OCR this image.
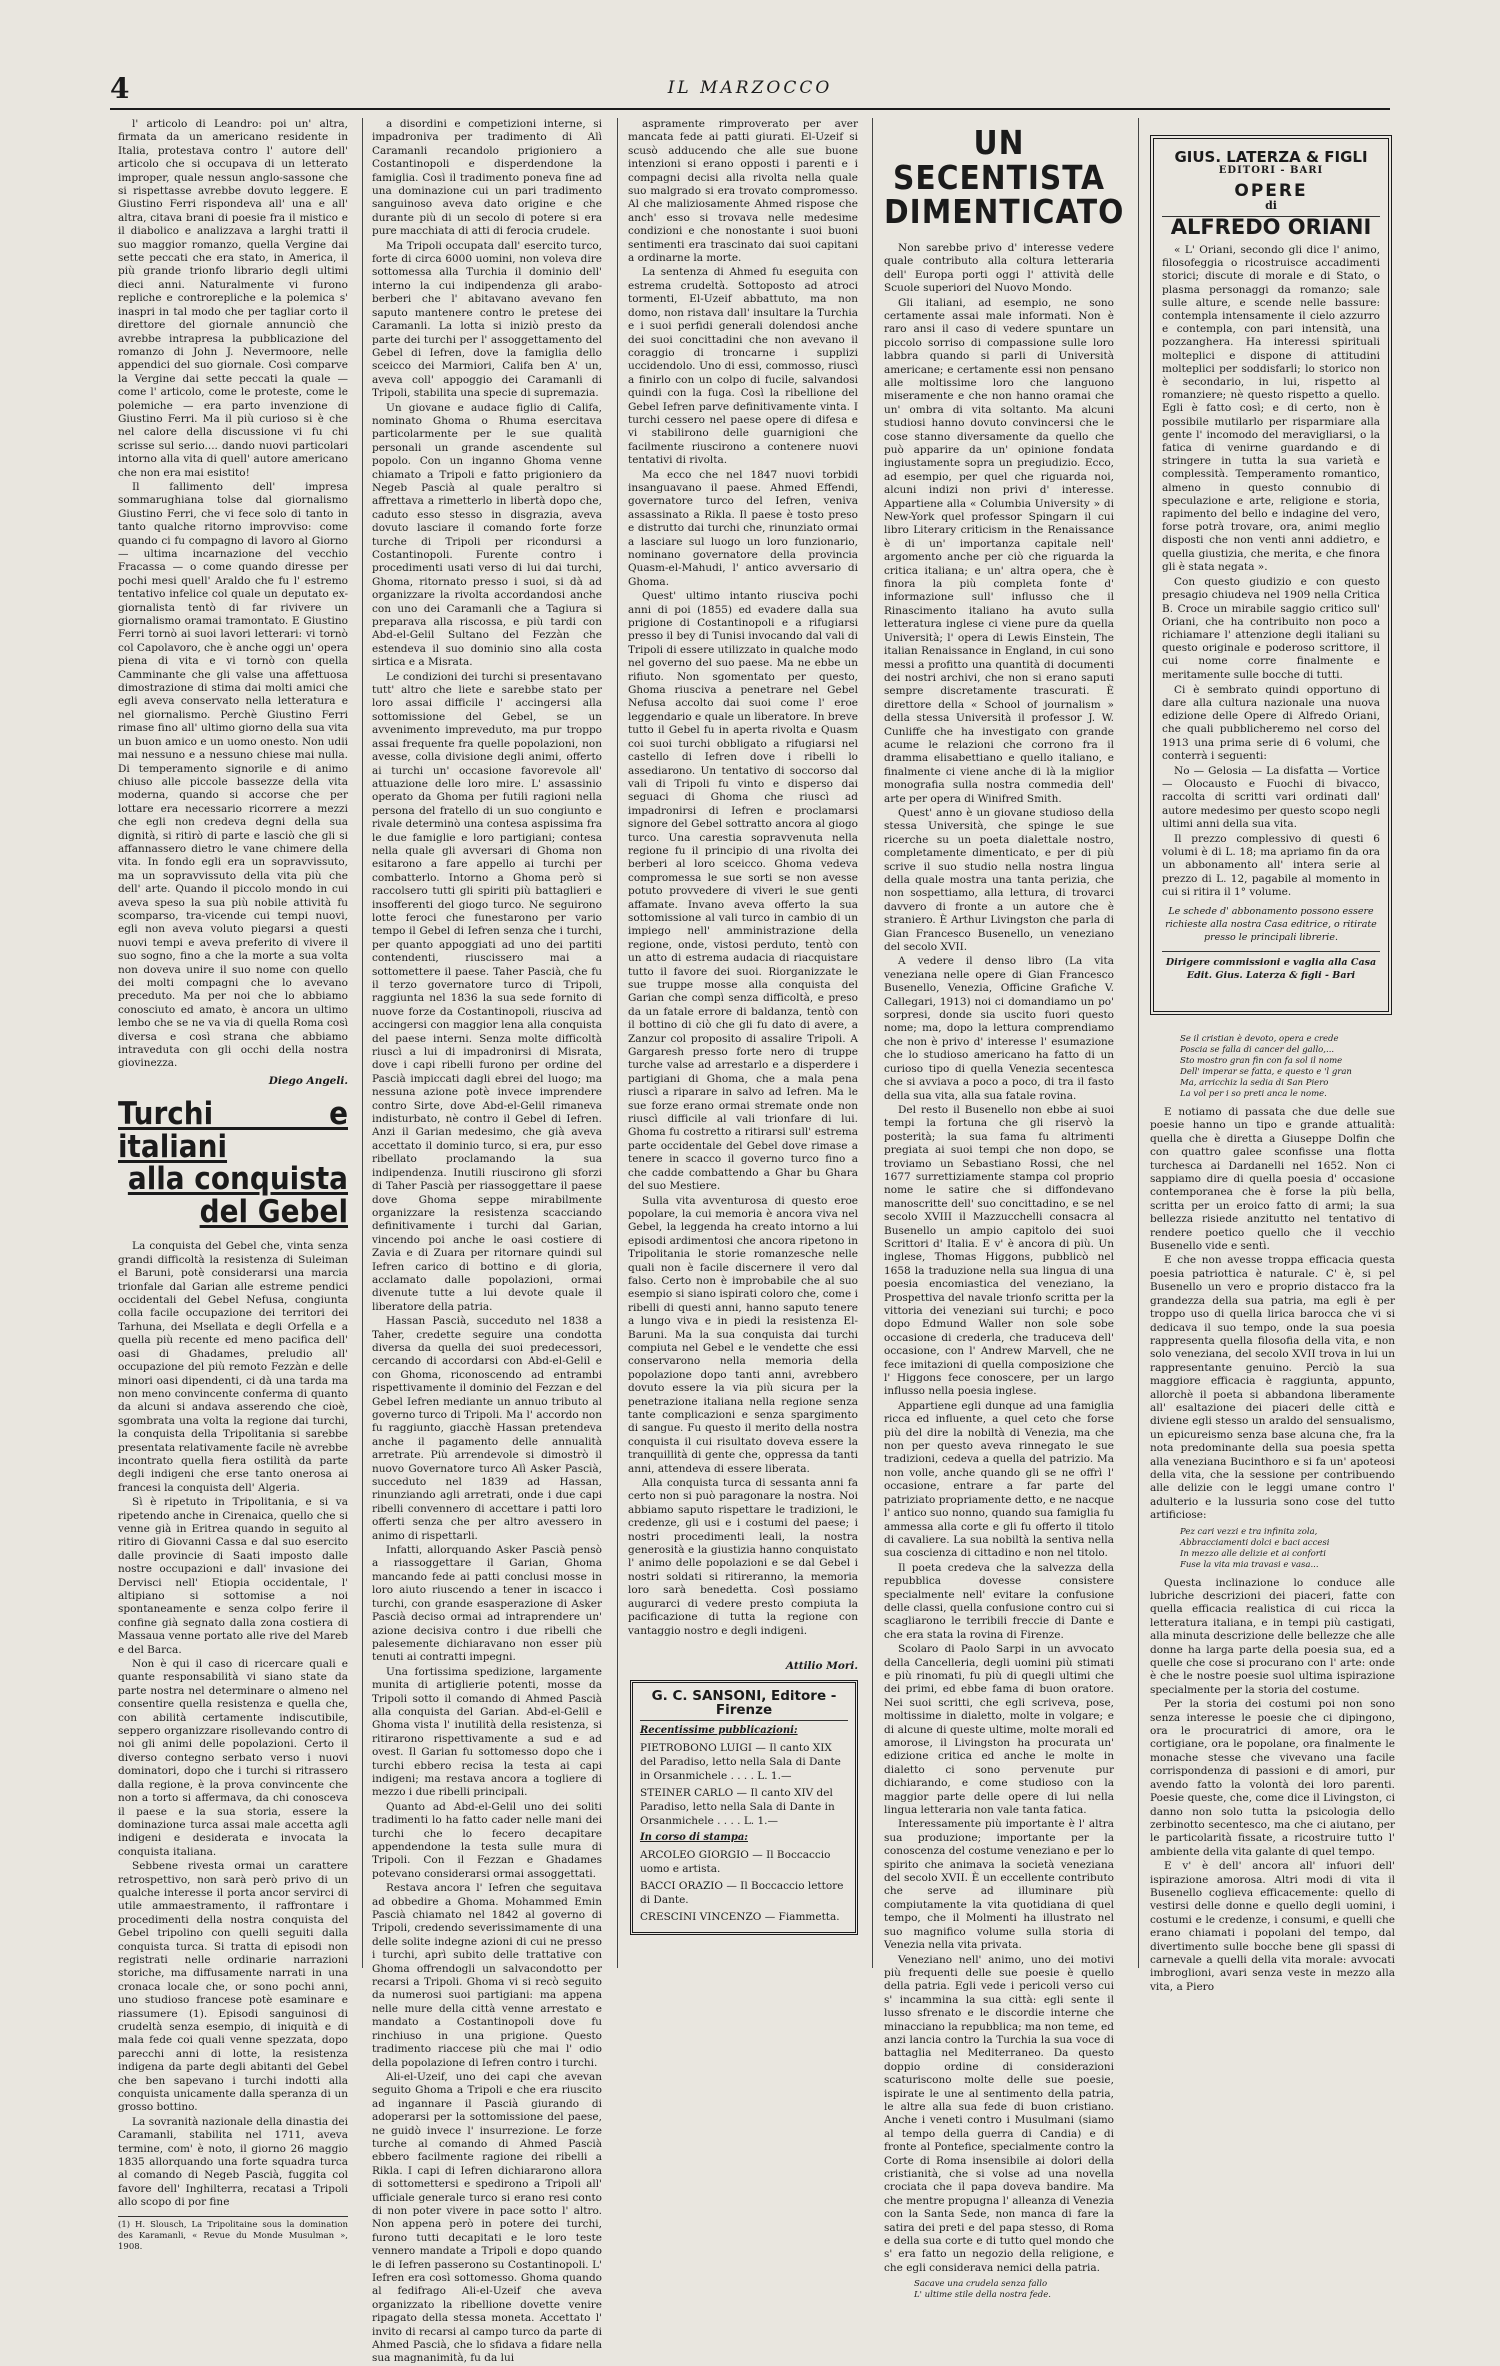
4	IL MARZOCCO

l' articolo di Leandro: poi un' altra, firmata da un americano residente in Italia, protestava contro l' autore dell' articolo che si occupava di un letterato improper, quale nessun anglo-sassone che si rispettasse avrebbe dovuto leggere. E Giustino Ferri rispondeva all' una e all' altra, citava brani di poesie fra il mistico e il diabolico e analizzava a larghi tratti il suo maggior romanzo, quella Vergine dai sette peccati che era stato, in America, il più grande trionfo librario degli ultimi dieci anni. Naturalmente vi furono repliche e controrepliche e la polemica s' inaspri in tal modo che per tagliar corto il direttore del giornale annunciò che avrebbe intrapresa la pubblicazione del romanzo di John J. Nevermoore, nelle appendici del suo giornale. Così comparve la Vergine dai sette peccati la quale — come l' articolo, come le proteste, come le polemiche — era parto invenzione di Giustino Ferri. Ma il più curioso si è che nel calore della discussione vi fu chi scrisse sul serio.... dando nuovi particolari intorno alla vita di quell' autore americano che non era mai esistito!

Il fallimento dell' impresa sommarughiana tolse dal giornalismo Giustino Ferri, che vi fece solo di tanto in tanto qualche ritorno improvviso: come quando ci fu compagno di lavoro al Giorno — ultima incarnazione del vecchio Fracassa — o come quando diresse per pochi mesi quell' Araldo che fu l' estremo tentativo infelice col quale un deputato ex-giornalista tentò di far rivivere un giornalismo oramai tramontato. E Giustino Ferri tornò ai suoi lavori letterari: vi tornò col Capolavoro, che è anche oggi un' opera piena di vita e vi tornò con quella Camminante che gli valse una affettuosa dimostrazione di stima dai molti amici che egli aveva conservato nella letteratura e nel giornalismo. Perchè Giustino Ferri rimase fino all' ultimo giorno della sua vita un buon amico e un uomo onesto. Non udii mai nessuno e a nessuno chiese mai nulla. Di temperamento signorile e di animo chiuso alle piccole bassezze della vita moderna, quando si accorse che per lottare era necessario ricorrere a mezzi che egli non credeva degni della sua dignità, si ritirò di parte e lasciò che gli si affannassero dietro le vane chimere della vita. In fondo egli era un sopravvissuto, ma un sopravvissuto della vita più che dell' arte. Quando il piccolo mondo in cui aveva speso la sua più nobile attività fu scomparso, tra-vicende cui tempi nuovi, egli non aveva voluto piegarsi a questi nuovi tempi e aveva preferito di vivere il suo sogno, fino a che la morte a sua volta non doveva unire il suo nome con quello dei molti compagni che lo avevano preceduto. Ma per noi che lo abbiamo conosciuto ed amato, è ancora un ultimo lembo che se ne va via di quella Roma così diversa e così strana che abbiamo intraveduta con gli occhi della nostra giovinezza.

Diego Angeli.
Turchi e italiani
alla conquista del Gebel

La conquista del Gebel che, vinta senza grandi difficoltà la resistenza di Suleiman el Baruni, potè considerarsi una marcia trionfale dal Garian alle estreme pendici occidentali del Gebel Nefusa, congiunta colla facile occupazione dei territori dei Tarhuna, dei Msellata e degli Orfella e a quella più recente ed meno pacifica dell' oasi di Ghadames, preludio all' occupazione del più remoto Fezzàn e delle minori oasi dipendenti, ci dà una tarda ma non meno convincente conferma di quanto da alcuni si andava asserendo che cioè, sgombrata una volta la regione dai turchi, la conquista della Tripolitania si sarebbe presentata relativamente facile nè avrebbe incontrato quella fiera ostilità da parte degli indigeni che erse tanto onerosa ai francesi la conquista dell' Algeria.

Sì è ripetuto in Tripolitania, e si va ripetendo anche in Cirenaica, quello che si venne già in Eritrea quando in seguito al ritiro di Giovanni Cassa e dal suo esercito dalle provincie di Saati imposto dalle nostre occupazioni e dall' invasione dei Dervisci nell' Etiopia occidentale, l' altipiano si sottomise a noi spontaneamente e senza colpo ferire il confine già segnato dalla zona costiera di Massaua venne portato alle rive del Mareb e del Barca.

Non è qui il caso di ricercare quali e quante responsabilità vi siano state da parte nostra nel determinare o almeno nel consentire quella resistenza e quella che, con abilità certamente indiscutibile, seppero organizzare risollevando contro di noi gli animi delle popolazioni. Certo il diverso contegno serbato verso i nuovi dominatori, dopo che i turchi si ritrassero dalla regione, è la prova convincente che non a torto si affermava, da chi conosceva il paese e la sua storia, essere la dominazione turca assai male accetta agli indigeni e desiderata e invocata la conquista italiana.

Sebbene rivesta ormai un carattere retrospettivo, non sarà però privo di un qualche interesse il porta ancor servirci di utile ammaestramento, il raffrontare i procedimenti della nostra conquista del Gebel tripolino con quelli seguiti dalla conquista turca. Si tratta di episodi non registrati nelle ordinarie narrazioni storiche, ma diffusamente narrati in una cronaca locale che, or sono pochi anni, uno studioso francese potè esaminare e riassumere (1). Episodi sanguinosi di crudeltà senza esempio, di iniquità e di mala fede coi quali venne spezzata, dopo parecchi anni di lotte, la resistenza indigena da parte degli abitanti del Gebel che ben sapevano i turchi indotti alla conquista unicamente dalla speranza di un grosso bottino.

La sovranità nazionale della dinastia dei Caramanli, stabilita nel 1711, aveva termine, com' è noto, il giorno 26 maggio 1835 allorquando una forte squadra turca al comando di Negeb Pascià, fuggita col favore dell' Inghilterra, recatasi a Tripoli allo scopo di por fine

(1) H. Slousch, La Tripolitaine sous la domination des Karamanli, « Revue du Monde Musulman », 1908.

a disordini e competizioni interne, si impadroniva per tradimento di Alì Caramanli recandolo prigioniero a Costantinopoli e disperdendone la famiglia. Così il tradimento poneva fine ad una dominazione cui un pari tradimento sanguinoso aveva dato origine e che durante più di un secolo di potere si era pure macchiata di atti di ferocia crudele.

Ma Tripoli occupata dall' esercito turco, forte di circa 6000 uomini, non voleva dire sottomessa alla Turchia il dominio dell' interno la cui indipendenza gli arabo-berberi che l' abitavano avevano fen saputo mantenere contro le pretese dei Caramanli. La lotta si iniziò presto da parte dei turchi per l' assoggettamento del Gebel di Iefren, dove la famiglia dello sceicco dei Marmiori, Califa ben A' un, aveva coll' appoggio dei Caramanli di Tripoli, stabilita una specie di supremazia.

Un giovane e audace figlio di Califa, nominato Ghoma o Rhuma esercitava particolarmente per le sue qualità personali un grande ascendente sul popolo. Con un inganno Ghoma venne chiamato a Tripoli e fatto prigioniero da Negeb Pascià al quale peraltro si affrettava a rimetterlo in libertà dopo che, caduto esso stesso in disgrazia, aveva dovuto lasciare il comando forte forze turche di Tripoli per ricondursi a Costantinopoli. Furente contro i procedimenti usati verso di lui dai turchi, Ghoma, ritornato presso i suoi, si dà ad organizzare la rivolta accordandosi anche con uno dei Caramanli che a Tagiura si preparava alla riscossa, e più tardi con Abd-el-Gelil Sultano del Fezzàn che estendeva il suo dominio sino alla costa sirtica e a Misrata.

Le condizioni dei turchi si presentavano tutt' altro che liete e sarebbe stato per loro assai difficile l' accingersi alla sottomissione del Gebel, se un avvenimento impreveduto, ma pur troppo assai frequente fra quelle popolazioni, non avesse, colla divisione degli animi, offerto ai turchi un' occasione favorevole all' attuazione delle loro mire. L' assassinio operato da Ghoma per futili ragioni nella persona del fratello di un suo congiunto e rivale determinò una contesa aspissima fra le due famiglie e loro partigiani; contesa nella quale gli avversari di Ghoma non esitarono a fare appello ai turchi per combatterlo. Intorno a Ghoma però si raccolsero tutti gli spiriti più battaglieri e insofferenti del giogo turco. Ne seguirono lotte feroci che funestarono per vario tempo il Gebel di Iefren senza che i turchi, per quanto appoggiati ad uno dei partiti contendenti, riuscissero mai a sottomettere il paese. Taher Pascià, che fu il terzo governatore turco di Tripoli, raggiunta nel 1836 la sua sede fornito di nuove forze da Costantinopoli, riusciva ad accingersi con maggior lena alla conquista del paese interni. Senza molte difficoltà riuscì a lui di impadronirsi di Misrata, dove i capi ribelli furono per ordine del Pascià impiccati dagli ebrei del luogo; ma nessuna azione potè invece imprendere contro Sirte, dove Abd-el-Gelil rimaneva indisturbato, nè contro il Gebel di Iefren. Anzi il Garian medesimo, che già aveva accettato il dominio turco, si era, pur esso ribellato proclamando la sua indipendenza. Inutili riuscirono gli sforzi di Taher Pascià per riassoggettare il paese dove Ghoma seppe mirabilmente organizzare la resistenza scacciando definitivamente i turchi dal Garian, vincendo poi anche le oasi costiere di Zavia e di Zuara per ritornare quindi sul Iefren carico di bottino e di gloria, acclamato dalle popolazioni, ormai divenute tutte a lui devote quale il liberatore della patria.

Hassan Pascià, succeduto nel 1838 a Taher, credette seguire una condotta diversa da quella dei suoi predecessori, cercando di accordarsi con Abd-el-Gelil e con Ghoma, riconoscendo ad entrambi rispettivamente il dominio del Fezzan e del Gebel Iefren mediante un annuo tributo al governo turco di Tripoli. Ma l' accordo non fu raggiunto, giacchè Hassan pretendeva anche il pagamento delle annualità arretrate. Più arrendevole si dimostrò il nuovo Governatore turco Alì Asker Pascià, succeduto nel 1839 ad Hassan, rinunziando agli arretrati, onde i due capi ribelli convennero di accettare i patti loro offerti senza che per altro avessero in animo di rispettarli.

Infatti, allorquando Asker Pascià pensò a riassoggettare il Garian, Ghoma mancando fede ai patti conclusi mosse in loro aiuto riuscendo a tener in iscacco i turchi, con grande esasperazione di Asker Pascià deciso ormai ad intraprendere un' azione decisiva contro i due ribelli che palesemente dichiaravano non esser più tenuti ai contratti impegni.

Una fortissima spedizione, largamente munita di artiglierie potenti, mosse da Tripoli sotto il comando di Ahmed Pascià alla conquista del Garian. Abd-el-Gelil e Ghoma vista l' inutilità della resistenza, si ritirarono rispettivamente a sud e ad ovest. Il Garian fu sottomesso dopo che i turchi ebbero recisa la testa ai capi indigeni; ma restava ancora a togliere di mezzo i due ribelli principali.

Quanto ad Abd-el-Gelil uno dei soliti tradimenti lo ha fatto cader nelle mani dei turchi che lo fecero decapitare appendendone la testa sulle mura di Tripoli. Con il Fezzan e Ghadames potevano considerarsi ormai assoggettati.

Restava ancora l' Iefren che seguitava ad obbedire a Ghoma. Mohammed Emin Pascià chiamato nel 1842 al governo di Tripoli, credendo severissimamente di una delle solite indegne azioni di cui ne presso i turchi, aprì subito delle trattative con Ghoma offrendogli un salvacondotto per recarsi a Tripoli. Ghoma vi si recò seguito da numerosi suoi partigiani: ma appena nelle mure della città venne arrestato e mandato a Costantinopoli dove fu rinchiuso in una prigione. Questo tradimento riaccese più che mai l' odio della popolazione di Iefren contro i turchi.

Ali-el-Uzeif, uno dei capi che avevan seguito Ghoma a Tripoli e che era riuscito ad ingannare il Pascià giurando di adoperarsi per la sottomissione del paese, ne guidò invece l' insurrezione. Le forze turche al comando di Ahmed Pascià ebbero facilmente ragione dei ribelli a Rikla. I capi di Iefren dichiararono allora di sottomettersi e spedirono a Tripoli all' ufficiale generale turco si erano resi conto di non poter vivere in pace sotto l' altro. Non appena però in potere dei turchi, furono tutti decapitati e le loro teste vennero mandate a Tripoli e dopo quando le di Iefren passerono su Costantinopoli. L' Iefren era così sottomesso. Ghoma quando al fedifrago Ali-el-Uzeif che aveva organizzato la ribellione dovette venire ripagato della stessa moneta. Accettato l' invito di recarsi al campo turco da parte di Ahmed Pascià, che lo sfidava a fidare nella sua magnanimità, fu da lui

aspramente rimproverato per aver mancata fede ai patti giurati. El-Uzeif si scusò adducendo che alle sue buone intenzioni si erano opposti i parenti e i compagni decisi alla rivolta nella quale suo malgrado si era trovato compromesso. Al che maliziosamente Ahmed rispose che anch' esso si trovava nelle medesime condizioni e che nonostante i suoi buoni sentimenti era trascinato dai suoi capitani a ordinarne la morte.

La sentenza di Ahmed fu eseguita con estrema crudeltà. Sottoposto ad atroci tormenti, El-Uzeif abbattuto, ma non domo, non ristava dall' insultare la Turchia e i suoi perfidi generali dolendosi anche dei suoi concittadini che non avevano il coraggio di troncarne i supplizi uccidendolo. Uno di essi, commosso, riuscì a finirlo con un colpo di fucile, salvandosi quindi con la fuga. Così la ribellione del Gebel Iefren parve definitivamente vinta. I turchi cessero nel paese opere di difesa e vi stabilirono delle guarnigioni che facilmente riuscirono a contenere nuovi tentativi di rivolta.

Ma ecco che nel 1847 nuovi torbidi insanguavano il paese. Ahmed Effendi, governatore turco del Iefren, veniva assassinato a Rikla. Il paese è tosto preso e distrutto dai turchi che, rinunziato ormai a lasciare sul luogo un loro funzionario, nominano governatore della provincia Quasm-el-Mahudi, l' antico avversario di Ghoma.

Quest' ultimo intanto riusciva pochi anni di poi (1855) ed evadere dalla sua prigione di Costantinopoli e a rifugiarsi presso il bey di Tunisi invocando dal vali di Tripoli di essere utilizzato in qualche modo nel governo del suo paese. Ma ne ebbe un rifiuto. Non sgomentato per questo, Ghoma riusciva a penetrare nel Gebel Nefusa accolto dai suoi come l' eroe leggendario e quale un liberatore. In breve tutto il Gebel fu in aperta rivolta e Quasm coi suoi turchi obbligato a rifugiarsi nel castello di Iefren dove i ribelli lo assediarono. Un tentativo di soccorso dal vali di Tripoli fu vinto e disperso dai seguaci di Ghoma che riuscì ad impadronirsi di Iefren e proclamarsi signore del Gebel sottratto ancora al giogo turco. Una carestia sopravvenuta nella regione fu il principio di una rivolta dei berberi al loro sceicco. Ghoma vedeva compromessa le sue sorti se non avesse potuto provvedere di viveri le sue genti affamate. Invano aveva offerto la sua sottomissione al vali turco in cambio di un impiego nell' amministrazione della regione, onde, vistosi perduto, tentò con un atto di estrema audacia di riacquistare tutto il favore dei suoi. Riorganizzate le sue truppe mosse alla conquista del Garian che compì senza difficoltà, e preso da un fatale errore di baldanza, tentò con il bottino di ciò che gli fu dato di avere, a Zanzur col proposito di assalire Tripoli. A Gargaresh presso forte nero di truppe turche valse ad arrestarlo e a disperdere i partigiani di Ghoma, che a mala pena riuscì a riparare in salvo ad Iefren. Ma le sue forze erano ormai stremate onde non riuscì difficile al vali trionfare di lui. Ghoma fu costretto a ritirarsi sull' estrema parte occidentale del Gebel dove rimase a tenere in scacco il governo turco fino a che cadde combattendo a Ghar bu Ghara del suo Mestiere.

Sulla vita avventurosa di questo eroe popolare, la cui memoria è ancora viva nel Gebel, la leggenda ha creato intorno a lui episodi ardimentosi che ancora ripetono in Tripolitania le storie romanzesche nelle quali non è facile discernere il vero dal falso. Certo non è improbabile che al suo esempio si siano ispirati coloro che, come i ribelli di questi anni, hanno saputo tenere a lungo viva e in piedi la resistenza El-Baruni. Ma la sua conquista dai turchi compiuta nel Gebel e le vendette che essi conservarono nella memoria della popolazione dopo tanti anni, avrebbero dovuto essere la via più sicura per la penetrazione italiana nella regione senza tante complicazioni e senza spargimento di sangue. Fu questo il merito della nostra conquista il cui risultato doveva essere la tranquillità di gente che, oppressa da tanti anni, attendeva di essere liberata.

Alla conquista turca di sessanta anni fa certo non si può paragonare la nostra. Noi abbiamo saputo rispettare le tradizioni, le credenze, gli usi e i costumi del paese; i nostri procedimenti leali, la nostra generosità e la giustizia hanno conquistato l' animo delle popolazioni e se dal Gebel i nostri soldati si ritireranno, la memoria loro sarà benedetta. Così possiamo augurarci di vedere presto compiuta la pacificazione di tutta la regione con vantaggio nostro e degli indigeni.

Attilio Mori.
G. C. SANSONI, Editore - Firenze
Recentissime pubblicazioni:
PIETROBONO LUIGI — Il canto XIX del Paradiso, letto nella Sala di Dante in Orsanmichele . . . . L. 1.—
STEINER CARLO — Il canto XIV del Paradiso, letto nella Sala di Dante in Orsanmichele . . . . L. 1.—
In corso di stampa:
ARCOLEO GIORGIO — Il Boccaccio uomo e artista.
BACCI ORAZIO — Il Boccaccio lettore di Dante.
CRESCINI VINCENZO — Fiammetta.
UN SECENTISTA
DIMENTICATO

Non sarebbe privo d' interesse vedere quale contributo alla coltura letteraria dell' Europa porti oggi l' attività delle Scuole superiori del Nuovo Mondo.

Gli italiani, ad esempio, ne sono certamente assai male informati. Non è raro ansi il caso di vedere spuntare un piccolo sorriso di compassione sulle loro labbra quando si parli di Università americane; e certamente essi non pensano alle moltissime loro che languono miseramente e che non hanno oramai che un' ombra di vita soltanto. Ma alcuni studiosi hanno dovuto convincersi che le cose stanno diversamente da quello che può apparire da un' opinione fondata ingiustamente sopra un pregiudizio. Ecco, ad esempio, per quel che riguarda noi, alcuni indizi non privi d' interesse. Appartiene alla « Columbia University » di New-York quel professor Spingarn il cui libro Literary criticism in the Renaissance è di un' importanza capitale nell' argomento anche per ciò che riguarda la critica italiana; e un' altra opera, che è finora la più completa fonte d' informazione sull' influsso che il Rinascimento italiano ha avuto sulla letteratura inglese ci viene pure da quella Università; l' opera di Lewis Einstein, The italian Renaissance in England, in cui sono messi a profitto una quantità di documenti dei nostri archivi, che non si erano saputi sempre discretamente trascurati. È direttore della « School of journalism » della stessa Università il professor J. W. Cunliffe che ha investigato con grande acume le relazioni che corrono fra il dramma elisabettiano e quello italiano, e finalmente ci viene anche di là la miglior monografia sulla nostra commedia dell' arte per opera di Winifred Smith.

Quest' anno è un giovane studioso della stessa Università, che spinge le sue ricerche su un poeta dialettale nostro, completamente dimenticato, e per di più scrive il suo studio nella nostra lingua della quale mostra una tanta perizia, che non sospettiamo, alla lettura, di trovarci davvero di fronte a un autore che è straniero. È Arthur Livingston che parla di Gian Francesco Busenello, un veneziano del secolo XVII.

A vedere il denso libro (La vita veneziana nelle opere di Gian Francesco Busenello, Venezia, Officine Grafiche V. Callegari, 1913) noi ci domandiamo un po' sorpresi, donde sia uscito fuori questo nome; ma, dopo la lettura comprendiamo che non è privo d' interesse l' esumazione che lo studioso americano ha fatto di un curioso tipo di quella Venezia secentesca che si avviava a poco a poco, di tra il fasto della sua vita, alla sua fatale rovina.

Del resto il Busenello non ebbe ai suoi tempi la fortuna che gli riservò la posterità; la sua fama fu altrimenti pregiata ai suoi tempi che non dopo, se troviamo un Sebastiano Rossi, che nel 1677 surrettiziamente stampa col proprio nome le satire che si diffondevano manoscritte dell' suo concittadino, e se nel secolo XVIII il Mazzucchelli consacra al Busenello un ampio capitolo dei suoi Scrittori d' Italia. E v' è ancora di più. Un inglese, Thomas Higgons, pubblicò nel 1658 la traduzione nella sua lingua di una poesia encomiastica del veneziano, la Prospettiva del navale trionfo scritta per la vittoria dei veneziani sui turchi; e poco dopo Edmund Waller non sole sobe occasione di crederla, che traduceva dell' occasione, con l' Andrew Marvell, che ne fece imitazioni di quella composizione che l' Higgons fece conoscere, per un largo influsso nella poesia inglese.

Appartiene egli dunque ad una famiglia ricca ed influente, a quel ceto che forse più del dire la nobiltà di Venezia, ma che non per questo aveva rinnegato le sue tradizioni, cedeva a quella del patrizio. Ma non volle, anche quando gli se ne offrì l' occasione, entrare a far parte del patriziato propriamente detto, e ne nacque l' antico suo nonno, quando sua famiglia fu ammessa alla corte e gli fu offerto il titolo di cavaliere. La sua nobiltà la sentiva nella sua coscienza di cittadino e non nel titolo.

Il poeta credeva che la salvezza della repubblica dovesse consistere specialmente nell' evitare la confusione delle classi, quella confusione contro cui si scagliarono le terribili freccie di Dante e che era stata la rovina di Firenze.

Scolaro di Paolo Sarpi in un avvocato della Cancelleria, degli uomini più stimati e più rinomati, fu più di quegli ultimi che dei primi, ed ebbe fama di buon oratore. Nei suoi scritti, che egli scriveva, pose, moltissime in dialetto, molte in volgare; e di alcune di queste ultime, molte morali ed amorose, il Livingston ha procurata un' edizione critica ed anche le molte in dialetto ci sono pervenute pur dichiarando, e come studioso con la maggior parte delle opere di lui nella lingua letteraria non vale tanta fatica.

Interessamente più importante è l' altra sua produzione; importante per la conoscenza del costume veneziano e per lo spirito che animava la società veneziana del secolo XVII. È un eccellente contributo che serve ad illuminare più compiutamente la vita quotidiana di quel tempo, che il Molmenti ha illustrato nel suo magnifico volume sulla storia di Venezia nella vita privata.

Veneziano nell' animo, uno dei motivi più frequenti delle sue poesie è quello della patria. Egli vede i pericoli verso cui s' incammina la sua città: egli sente il lusso sfrenato e le discordie interne che minacciano la repubblica; ma non teme, ed anzi lancia contro la Turchia la sua voce di battaglia nel Mediterraneo. Da questo doppio ordine di considerazioni scaturiscono molte delle sue poesie, ispirate le une al sentimento della patria, le altre alla sua fede di buon cristiano. Anche i veneti contro i Musulmani (siamo al tempo della guerra di Candia) e di fronte al Pontefice, specialmente contro la Corte di Roma insensibile ai dolori della cristianità, che si volse ad una novella crociata che il papa doveva bandire. Ma che mentre propugna l' alleanza di Venezia con la Santa Sede, non manca di fare la satira dei preti e del papa stesso, di Roma e della sua corte e di tutto quel mondo che s' era fatto un negozio della religione, e che egli considerava nemici della patria.

Sacave una crudela senza fallo
L' ultime stile della nostra fede.
GIUS. LATERZA & FIGLI
EDITORI - BARI
OPERE
di
ALFREDO ORIANI

« L' Oriani, secondo gli dice l' animo, filosofeggia o ricostruisce accadimenti storici; discute di morale e di Stato, o plasma personaggi da romanzo; sale sulle alture, e scende nelle bassure: contempla intensamente il cielo azzurro e contempla, con pari intensità, una pozzanghera. Ha interessi spirituali molteplici e dispone di attitudini molteplici per soddisfarli; lo storico non è secondario, in lui, rispetto al romanziere; nè questo rispetto a quello. Egli è fatto così; e di certo, non è possibile mutilarlo per risparmiare alla gente l' incomodo del meravigliarsi, o la fatica di venirne guardando e di stringere in tutta la sua varietà e complessità. Temperamento romantico, almeno in questo connubio di speculazione e arte, religione e storia, rapimento del bello e indagine del vero, forse potrà trovare, ora, animi meglio disposti che non venti anni addietro, e quella giustizia, che merita, e che finora gli è stata negata ».

Con questo giudizio e con questo presagio chiudeva nel 1909 nella Critica B. Croce un mirabile saggio critico sull' Oriani, che ha contribuito non poco a richiamare l' attenzione degli italiani su questo originale e poderoso scrittore, il cui nome corre finalmente e meritamente sulle bocche di tutti.

Ci è sembrato quindi opportuno di dare alla cultura nazionale una nuova edizione delle Opere di Alfredo Oriani, che quali pubblicheremo nel corso del 1913 una prima serie di 6 volumi, che conterrà i seguenti:

No — Gelosia — La disfatta — Vortice — Olocausto e Fuochi di bivacco, raccolta di scritti vari ordinati dall' autore medesimo per questo scopo negli ultimi anni della sua vita.

Il prezzo complessivo di questi 6 volumi è di L. 18; ma apriamo fin da ora un abbonamento all' intera serie al prezzo di L. 12, pagabile al momento in cui si ritira il 1° volume.

Le schede d' abbonamento possono essere richieste alla nostra Casa editrice, o ritirate presso le principali librerie.
Dirigere commissioni e vaglia alla Casa Edit. Gius. Laterza & figli - Bari
Se il cristian è devoto, opera e crede
Poscia se falla di cancer del gallo,...
Sto mostro gran fin con fa sol il nome
Dell' imperar se fatta, e questo e 'l gran
Ma, arricchiz la sedia di San Piero
La vol per i so preti anca le nome.

E notiamo di passata che due delle sue poesie hanno un tipo e grande attualità: quella che è diretta a Giuseppe Dolfin che con quattro galee sconfisse una flotta turchesca ai Dardanelli nel 1652. Non ci sappiamo dire di quella poesia d' occasione contemporanea che è forse la più bella, scritta per un eroico fatto di armi; la sua bellezza risiede anzitutto nel tentativo di rendere poetico quello che il vecchio Busenello vide e sentì.

E che non avesse troppa efficacia questa poesia patriottica è naturale. C' è, si pel Busenello un vero e proprio distacco fra la grandezza della sua patria, ma egli è per troppo uso di quella lirica barocca che vi si dedicava il suo tempo, onde la sua poesia rappresenta quella filosofia della vita, e non solo veneziana, del secolo XVII trova in lui un rappresentante genuino. Perciò la sua maggiore efficacia è raggiunta, appunto, allorchè il poeta si abbandona liberamente all' esaltazione dei piaceri delle città e diviene egli stesso un araldo del sensualismo, un epicureismo senza base alcuna che, fra la nota predominante della sua poesia spetta alla veneziana Bucinthoro e si fa un' apoteosi della vita, che la sessione per contribuendo alle delizie con le leggi umane contro l' adulterio e la lussuria sono cose del tutto artificiose:

Pez cari vezzi e tra infinita zola,
Abbracciamenti dolci e baci accesi
In mezzo alle delizie et ai conforti
Fuse la vita mia travasi e vasa...

Questa inclinazione lo conduce alle lubriche descrizioni dei piaceri, fatte con quella efficacia realistica di cui ricca la letteratura italiana, e in tempi più castigati, alla minuta descrizione delle bellezze che alle donne ha larga parte della poesia sua, ed a quelle che cose si procurano con l' arte: onde è che le nostre poesie suol ultima ispirazione specialmente per la storia del costume.

Per la storia dei costumi poi non sono senza interesse le poesie che ci dipingono, ora le procuratrici di amore, ora le cortigiane, ora le popolane, ora finalmente le monache stesse che vivevano una facile corrispondenza di passioni e di amori, pur avendo fatto la volontà dei loro parenti. Poesie queste, che, come dice il Livingston, ci danno non solo tutta la psicologia dello zerbinotto secentesco, ma che ci aiutano, per le particolarità fissate, a ricostruire tutto l' ambiente della vita galante di quel tempo.

E v' è dell' ancora all' infuori dell' ispirazione amorosa. Altri modi di vita il Busenello coglieva efficacemente: quello di vestirsi delle donne e quello degli uomini, i costumi e le credenze, i consumi, e quelli che erano chiamati i popolani del tempo, dal divertimento sulle bocche bene gli spassi di carnevale a quelli della vita morale: avvocati imbroglioni, avari senza veste in mezzo alla vita, a Piero
